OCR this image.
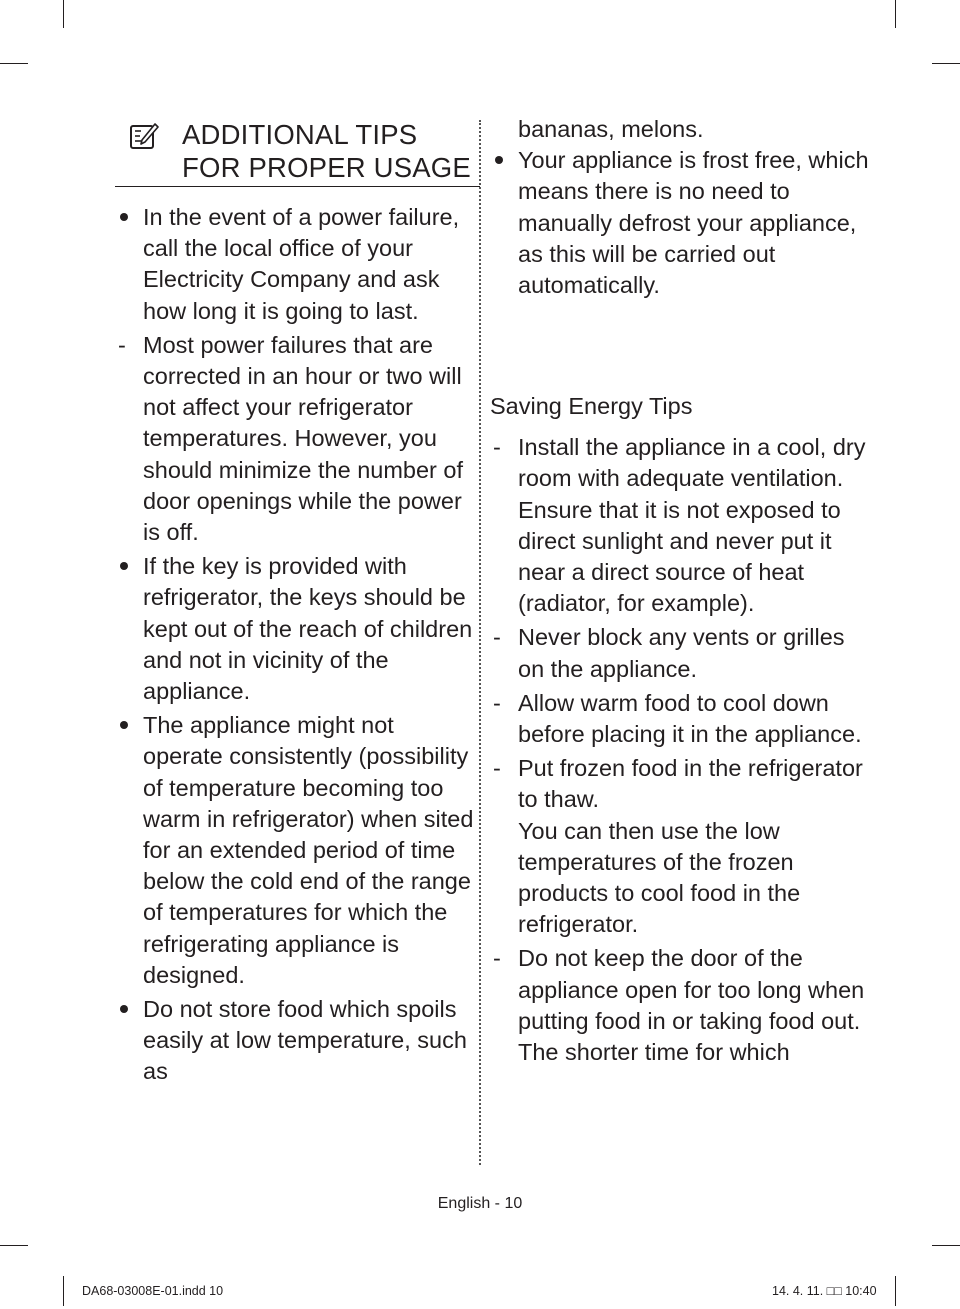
ADDITIONAL TIPS
FOR PROPER USAGE
In the event of a power failure, call the local office of your Electricity Company and ask how long it is going to last.
- Most power failures that are corrected in an hour or two will not affect your refrigerator temperatures. However, you should minimize the number of door openings while the power is off.
If the key is provided with refrigerator, the keys should be kept out of the reach of children and not in vicinity of the appliance.
The appliance might not operate consistently (possibility of temperature becoming too warm in refrigerator) when sited for an extended period of time below the cold end of the range of temperatures for which the refrigerating appliance is designed.
Do not store food which spoils easily at low temperature, such as
bananas, melons.
Your appliance is frost free, which means there is no need to manually defrost your appliance, as this will be carried out automatically.
Saving Energy Tips
- Install the appliance in a cool, dry room with adequate ventilation.
Ensure that it is not exposed to direct sunlight and never put it near a direct source of heat (radiator, for example).
- Never block any vents or grilles on the appliance.
- Allow warm food to cool down before placing it in the appliance.
- Put frozen food in the refrigerator to thaw.
You can then use the low temperatures of the frozen products to cool food in the refrigerator.
- Do not keep the door of the appliance open for too long when putting food in or taking food out.
The shorter time for which
English - 10
DA68-03008E-01.indd 10	14. 4. 11. □□ 10:40
